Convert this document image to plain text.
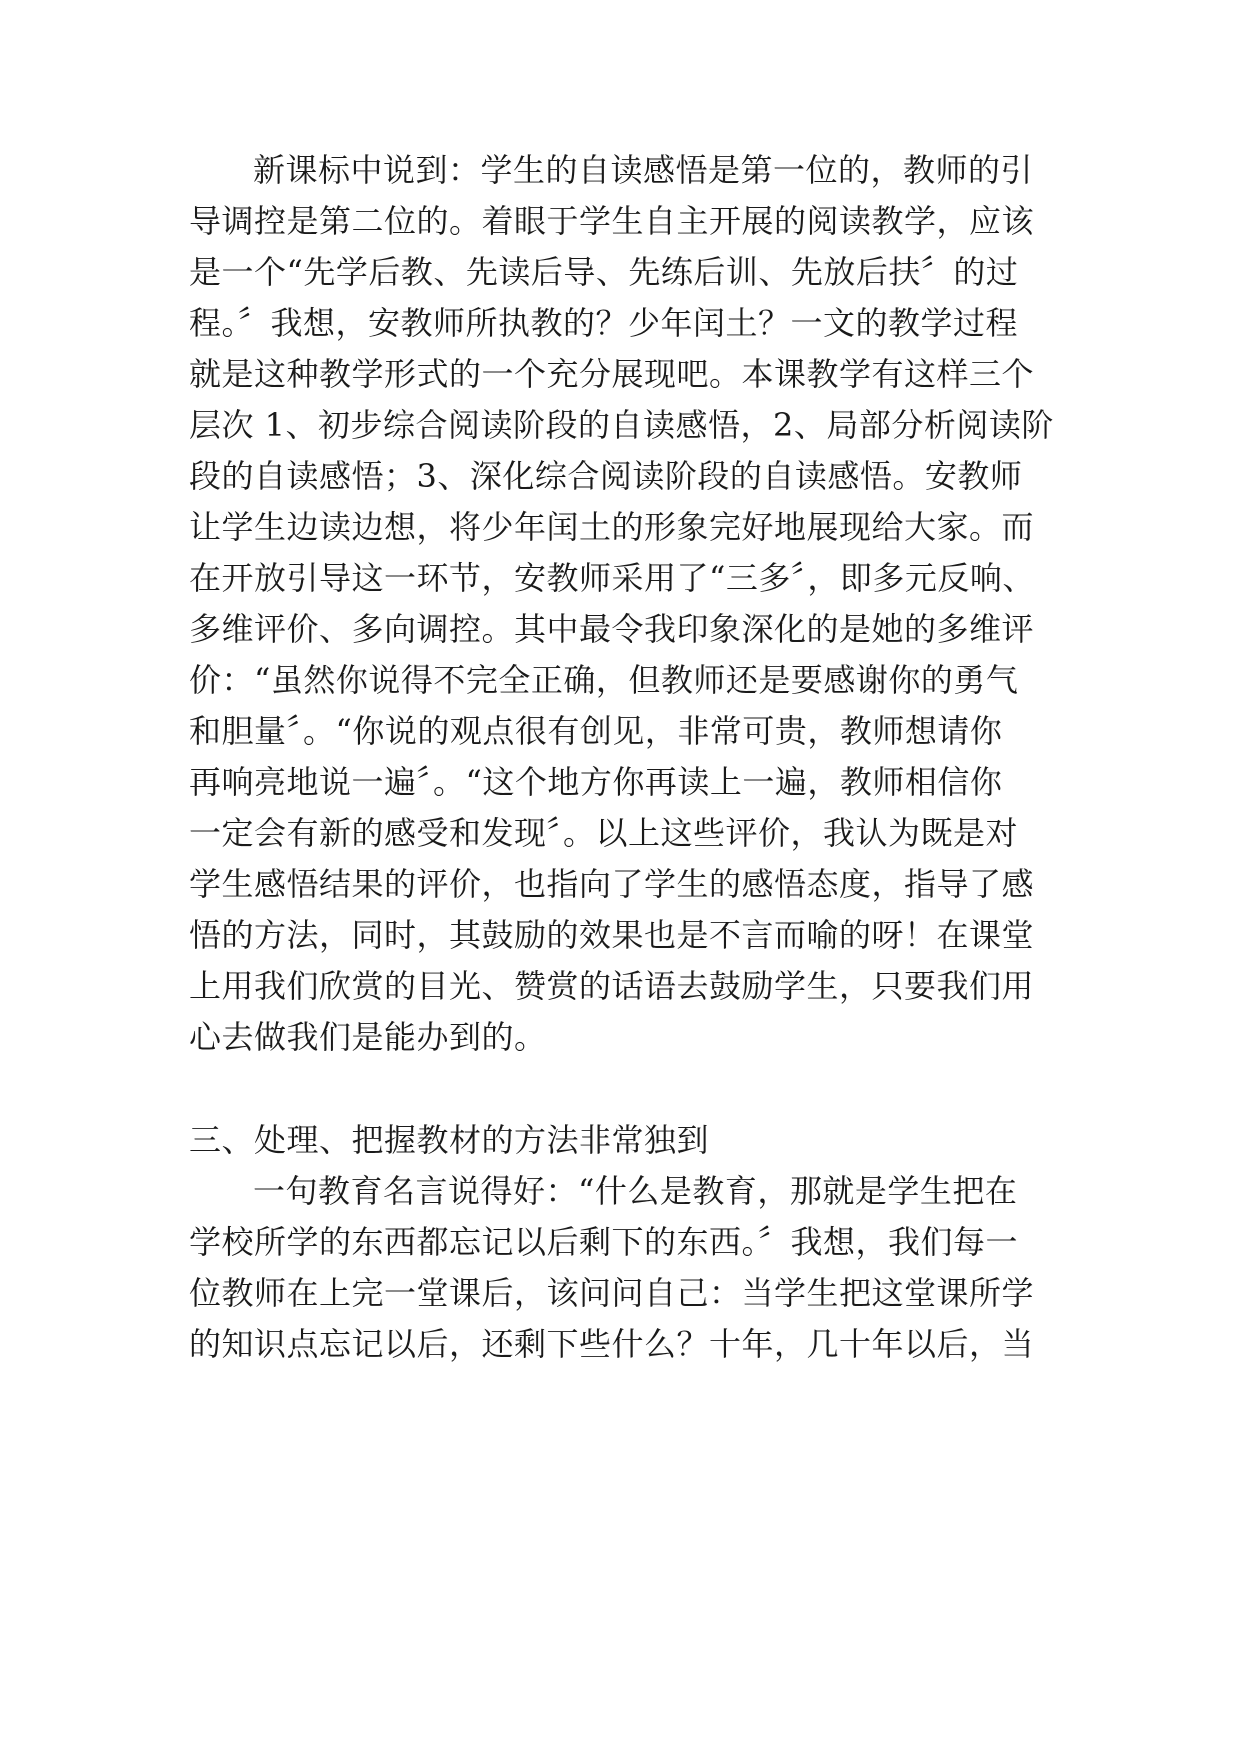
新课标中说到：学生的自读感悟是第一位的，教师的引
导调控是第二位的。着眼于学生自主开展的阅读教学，应该
是一个“先学后教、先读后导、先练后训、先放后扶〞的过
程。〞我想，安教师所执教的？少年闰土？一文的教学过程
就是这种教学形式的一个充分展现吧。本课教学有这样三个
层次 1、初步综合阅读阶段的自读感悟，2、局部分析阅读阶
段的自读感悟；3、深化综合阅读阶段的自读感悟。安教师
让学生边读边想，将少年闰土的形象完好地展现给大家。而
在开放引导这一环节，安教师采用了“三多〞，即多元反响、
多维评价、多向调控。其中最令我印象深化的是她的多维评
价：“虽然你说得不完全正确，但教师还是要感谢你的勇气
和胆量〞。“你说的观点很有创见，非常可贵，教师想请你
再响亮地说一遍〞。“这个地方你再读上一遍，教师相信你
一定会有新的感受和发现〞。以上这些评价，我认为既是对
学生感悟结果的评价，也指向了学生的感悟态度，指导了感
悟的方法，同时，其鼓励的效果也是不言而喻的呀！在课堂
上用我们欣赏的目光、赞赏的话语去鼓励学生，只要我们用
心去做我们是能办到的。
三、处理、把握教材的方法非常独到
一句教育名言说得好：“什么是教育，那就是学生把在
学校所学的东西都忘记以后剩下的东西。〞我想，我们每一
位教师在上完一堂课后，该问问自己：当学生把这堂课所学
的知识点忘记以后，还剩下些什么？十年，几十年以后，当
